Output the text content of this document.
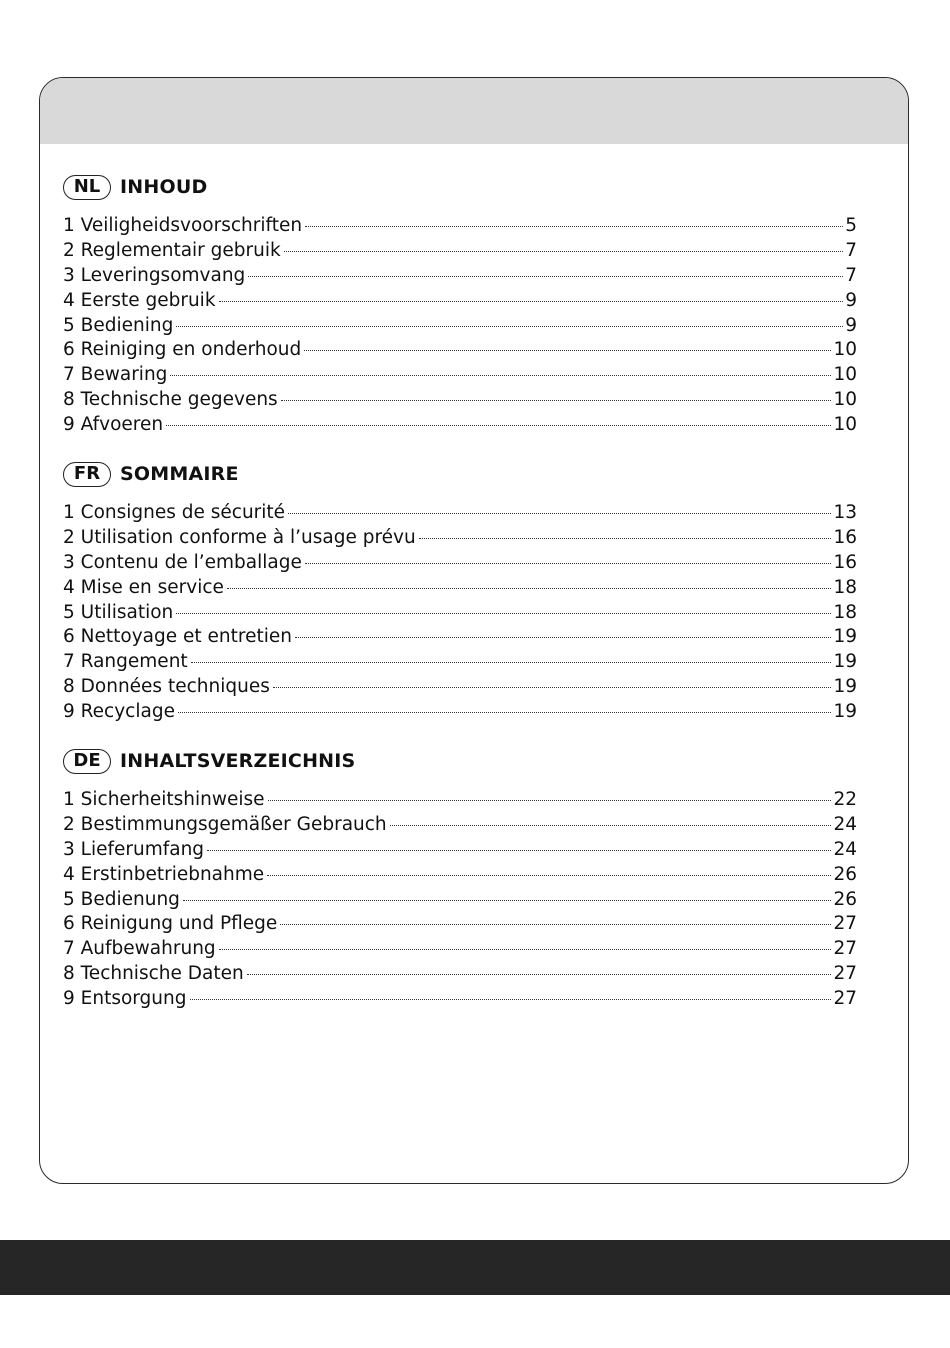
NL	INHOUD
1 Veiligheidsvoorschriften	5
2 Reglementair gebruik	7
3 Leveringsomvang	7
4 Eerste gebruik	9
5 Bediening	9
6 Reiniging en onderhoud	10
7 Bewaring	10
8 Technische gegevens	10
9 Afvoeren	10
FR	SOMMAIRE
1 Consignes de sécurité	13
2 Utilisation conforme à l’usage prévu	16
3 Contenu de l’emballage	16
4 Mise en service	18
5 Utilisation	18
6 Nettoyage et entretien	19
7 Rangement	19
8 Données techniques	19
9 Recyclage	19
DE	INHALTSVERZEICHNIS
1 Sicherheitshinweise	22
2 Bestimmungsgemäßer Gebrauch	24
3 Lieferumfang	24
4 Erstinbetriebnahme	26
5 Bedienung	26
6 Reinigung und Pflege	27
7 Aufbewahrung	27
8 Technische Daten	27
9 Entsorgung	27
